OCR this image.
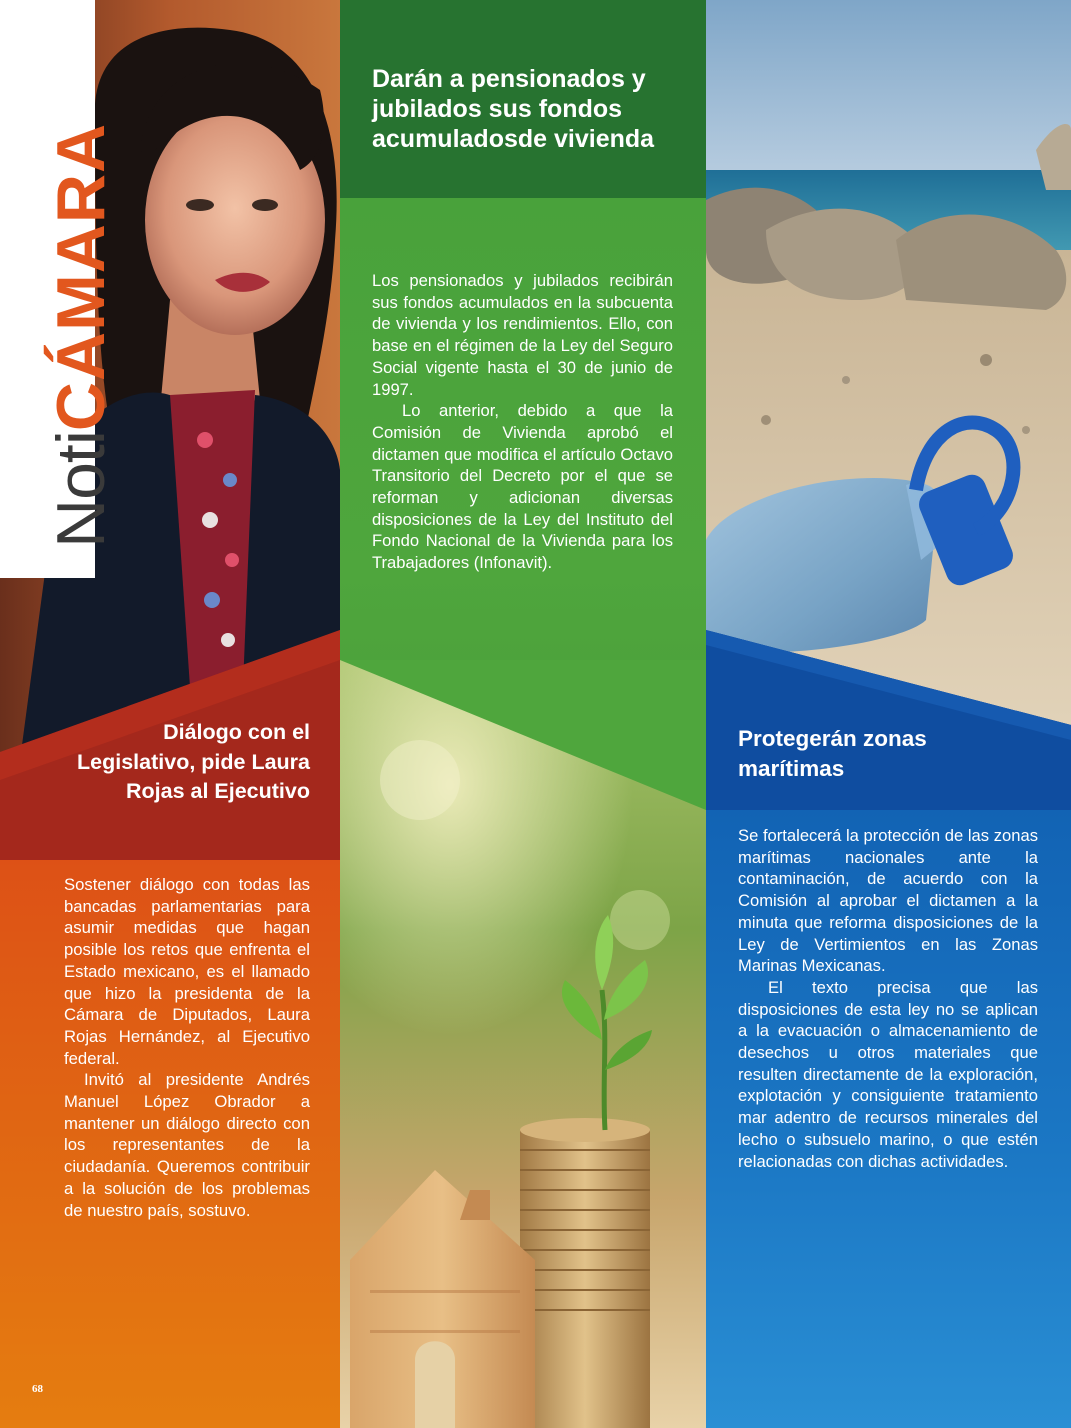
NotiCÁMARA
Diálogo con el Legislativo, pide Laura Rojas al Ejecutivo

Sostener diálogo con todas las bancadas parlamentarias para asumir medidas que hagan posible los retos que enfrenta el Estado mexicano, es el llamado que hizo la presidenta de la Cámara de Diputados, Laura Rojas Hernández, al Ejecutivo federal.

Invitó al presidente Andrés Manuel López Obrador a mantener un diálogo directo con los representantes de la ciudadanía. Queremos contribuir a la solución de los problemas de nuestro país, sostuvo.

68
Darán a pensionados y jubilados sus fondos acumuladosde vivienda

Los pensionados y jubilados recibirán sus fondos acumulados en la subcuenta de vivienda y los rendimientos. Ello, con base en el régimen de la Ley del Seguro Social vigente hasta el 30 de junio de 1997.

Lo anterior, debido a que la Comisión de Vivienda aprobó el dictamen que modifica el artículo Octavo Transitorio del Decreto por el que se reforman y adicionan diversas disposiciones de la Ley del Instituto del Fondo Nacional de la Vivienda para los Trabajadores (Infonavit).

Protegerán zonas marítimas

Se fortalecerá la protección de las zonas marítimas nacionales ante la contaminación, de acuerdo con la Comisión al aprobar el dictamen a la minuta que reforma disposiciones de la Ley de Vertimientos en las Zonas Marinas Mexicanas.

El texto precisa que las disposiciones de esta ley no se aplican a la evacuación o almacenamiento de desechos u otros materiales que resulten directamente de la exploración, explotación y consiguiente tratamiento mar adentro de recursos minerales del lecho o subsuelo marino, o que estén relacionadas con dichas actividades.
